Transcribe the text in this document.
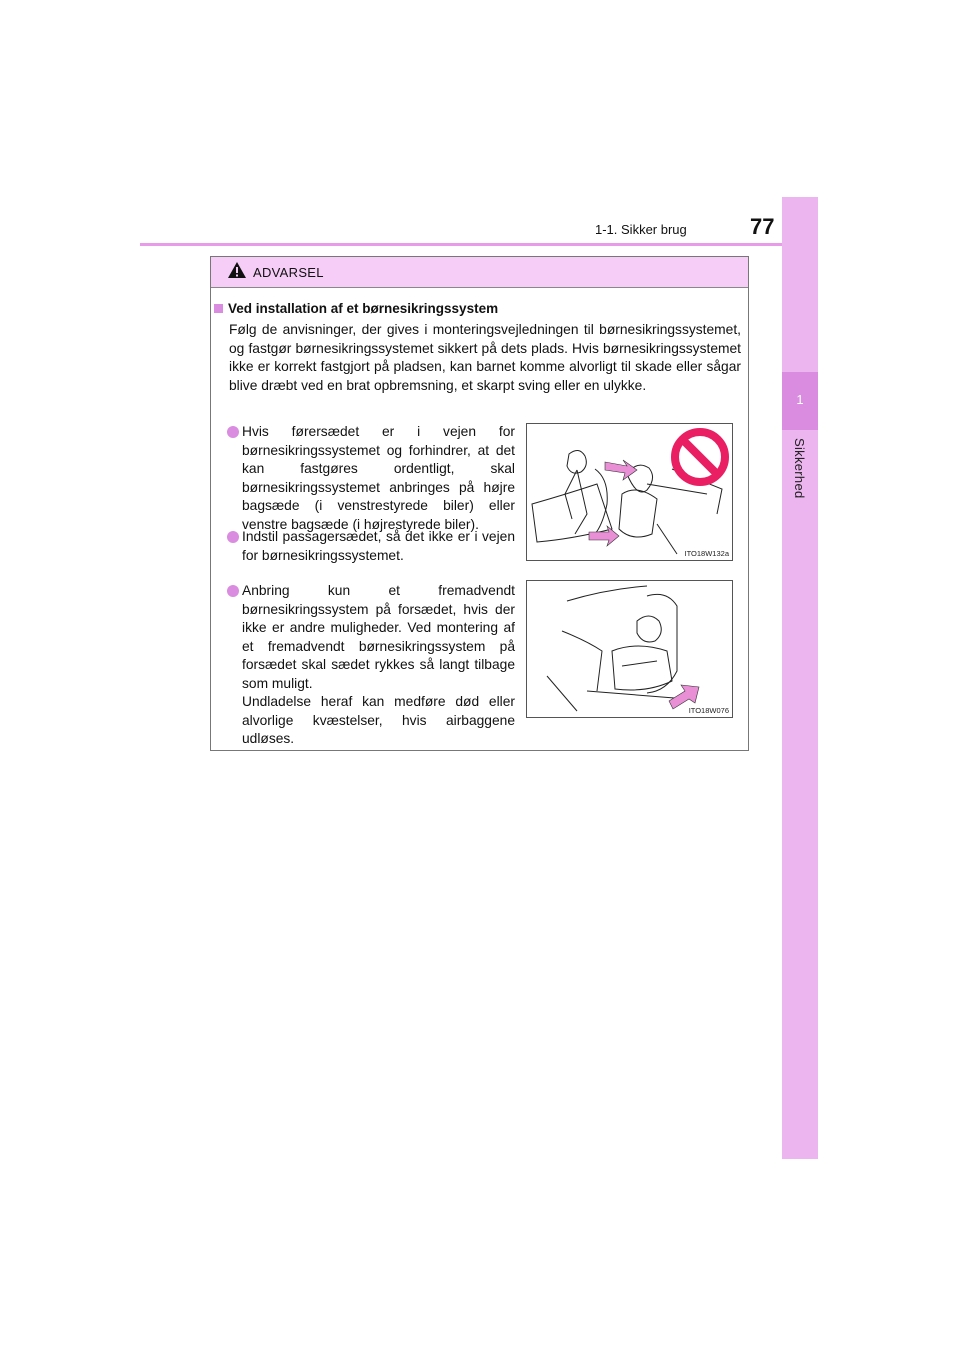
1-1. Sikker brug	77
1
Sikkerhed
ADVARSEL
Ved installation af et børnesikringssystem
Følg de anvisninger, der gives i monteringsvejledningen til børnesikringssystemet, og fastgør børnesikringssystemet sikkert på dets plads. Hvis børnesikringssystemet ikke er korrekt fastgjort på pladsen, kan barnet komme alvorligt til skade eller sågar blive dræbt ved en brat opbremsning, et skarpt sving eller en ulykke.
Hvis førersædet er i vejen for børnesikringssystemet og forhindrer, at det kan fastgøres ordentligt, skal børnesikringssystemet anbringes på højre bagsæde (i venstrestyrede biler) eller venstre bagsæde (i højrestyrede biler).
Indstil passagersædet, så det ikke er i vejen for børnesikringssystemet.
Anbring kun et fremadvendt børnesikringssystem på forsædet, hvis der ikke er andre muligheder. Ved montering af et fremadvendt børnesikringssystem på forsædet skal sædet rykkes så langt tilbage som muligt.
Undladelse heraf kan medføre død eller alvorlige kvæstelser, hvis airbaggene udløses.
ITO18W132a
ITO18W076
